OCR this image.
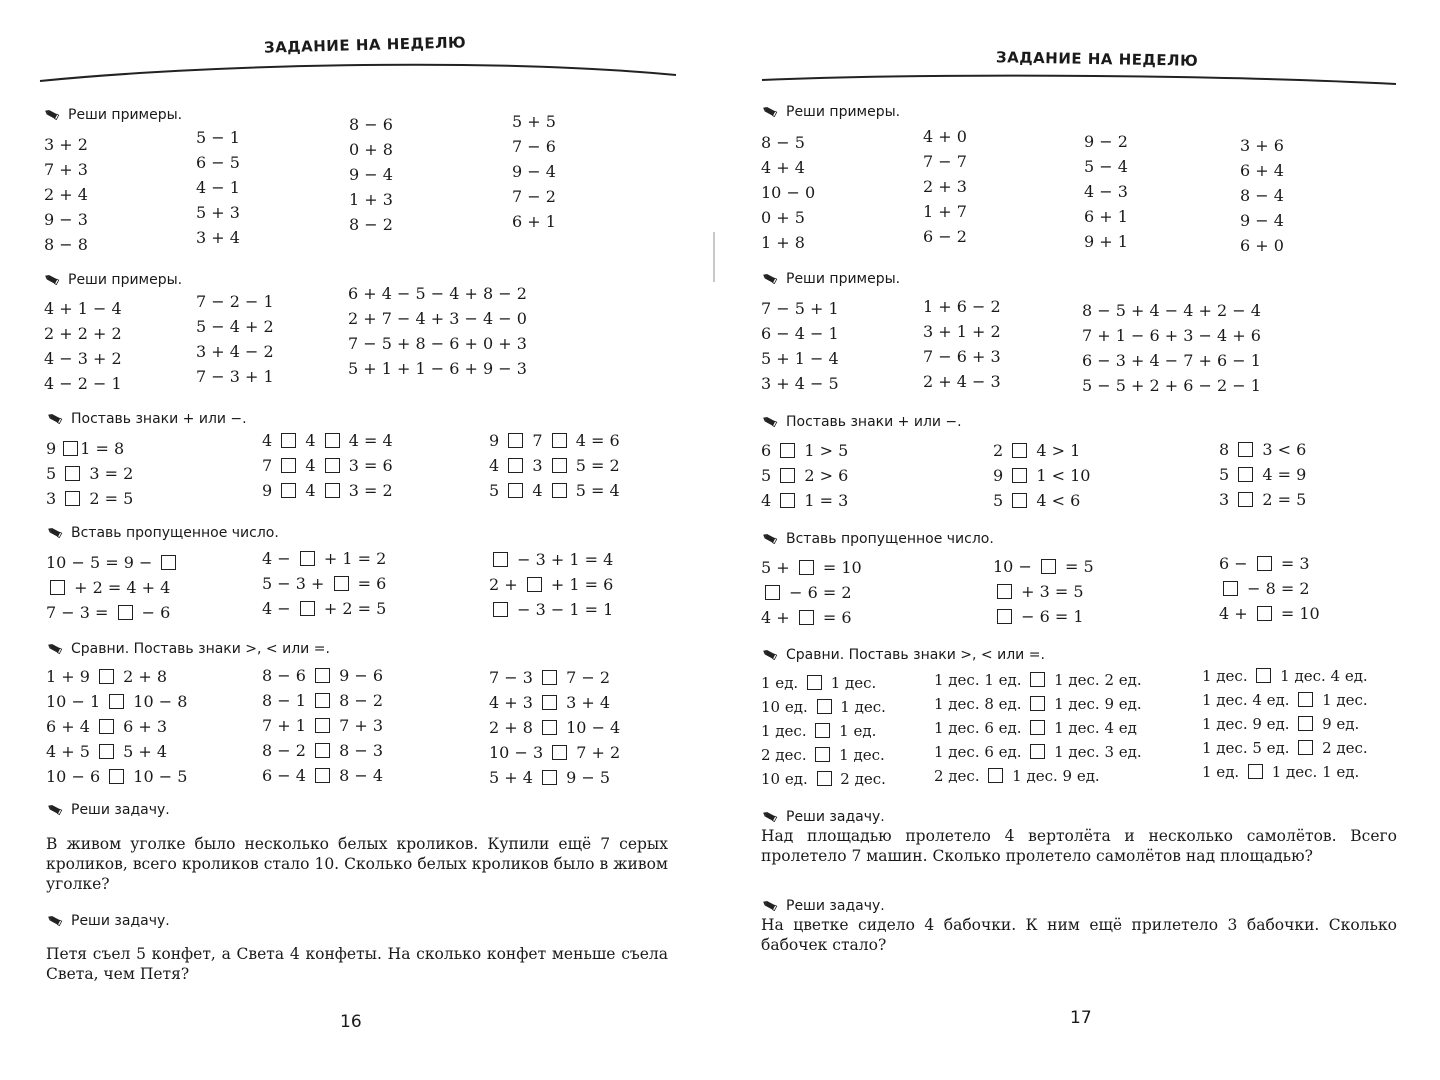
ЗАДАНИЕ НА НЕДЕЛЮ
Реши примеры.
3 + 2
7 + 3
2 + 4
9 − 3
8 − 8
5 − 1
6 − 5
4 − 1
5 + 3
3 + 4
8 − 6
0 + 8
9 − 4
1 + 3
8 − 2
5 + 5
7 − 6
9 − 4
7 − 2
6 + 1
Реши примеры.
4 + 1 − 4
2 + 2 + 2
4 − 3 + 2
4 − 2 − 1
7 − 2 − 1
5 − 4 + 2
3 + 4 − 2
7 − 3 + 1
6 + 4 − 5 − 4 + 8 − 2
2 + 7 − 4 + 3 − 4 − 0
7 − 5 + 8 − 6 + 0 + 3
5 + 1 + 1 − 6 + 9 − 3
Поставь знаки + или −.
9 1 = 8
5  3 = 2
3  2 = 5
4  4  4 = 4
7  4  3 = 6
9  4  3 = 2
9  7  4 = 6
4  3  5 = 2
5  4  5 = 4
Вставь пропущенное число.
10 − 5 = 9 −
+ 2 = 4 + 4
7 − 3 =  − 6
4 −  + 1 = 2
5 − 3 +  = 6
4 −  + 2 = 5
− 3 + 1 = 4
2 +  + 1 = 6
− 3 − 1 = 1
Сравни. Поставь знаки >, < или =.
1 + 9  2 + 8
10 − 1  10 − 8
6 + 4  6 + 3
4 + 5  5 + 4
10 − 6  10 − 5
8 − 6  9 − 6
8 − 1  8 − 2
7 + 1  7 + 3
8 − 2  8 − 3
6 − 4  8 − 4
7 − 3  7 − 2
4 + 3  3 + 4
2 + 8  10 − 4
10 − 3  7 + 2
5 + 4  9 − 5
Реши задачу.
В живом уголке было несколько белых кроликов. Купили ещё 7 серых кроликов, всего кроликов стало 10. Сколько белых кроликов было в живом уголке?
Реши задачу.
Петя съел 5 конфет, а Света 4 конфеты. На сколько конфет меньше съела Света, чем Петя?
16
ЗАДАНИЕ НА НЕДЕЛЮ
Реши примеры.
8 − 5
4 + 4
10 − 0
0 + 5
1 + 8
4 + 0
7 − 7
2 + 3
1 + 7
6 − 2
9 − 2
5 − 4
4 − 3
6 + 1
9 + 1
3 + 6
6 + 4
8 − 4
9 − 4
6 + 0
Реши примеры.
7 − 5 + 1
6 − 4 − 1
5 + 1 − 4
3 + 4 − 5
1 + 6 − 2
3 + 1 + 2
7 − 6 + 3
2 + 4 − 3
8 − 5 + 4 − 4 + 2 − 4
7 + 1 − 6 + 3 − 4 + 6
6 − 3 + 4 − 7 + 6 − 1
5 − 5 + 2 + 6 − 2 − 1
Поставь знаки + или −.
6  1 > 5
5  2 > 6
4  1 = 3
2  4 > 1
9  1 < 10
5  4 < 6
8  3 < 6
5  4 = 9
3  2 = 5
Вставь пропущенное число.
5 +  = 10
− 6 = 2
4 +  = 6
10 −  = 5
+ 3 = 5
− 6 = 1
6 −  = 3
− 8 = 2
4 +  = 10
Сравни. Поставь знаки >, < или =.
1 ед.  1 дес.
10 ед.  1 дес.
1 дес.  1 ед.
2 дес.  1 дес.
10 ед.  2 дес.
1 дес. 1 ед.  1 дес. 2 ед.
1 дес. 8 ед.  1 дес. 9 ед.
1 дес. 6 ед.  1 дес. 4 ед
1 дес. 6 ед.  1 дес. 3 ед.
2 дес.  1 дес. 9 ед.
1 дес.  1 дес. 4 ед.
1 дес. 4 ед.  1 дес.
1 дес. 9 ед.  9 ед.
1 дес. 5 ед.  2 дес.
1 ед.  1 дес. 1 ед.
Реши задачу.
Над площадью пролетело 4 вертолёта и несколько самолётов. Всего пролетело 7 машин. Сколько пролетело самолётов над площадью?
Реши задачу.
На цветке сидело 4 бабочки. К ним ещё прилетело 3 бабочки. Сколько бабочек стало?
17
